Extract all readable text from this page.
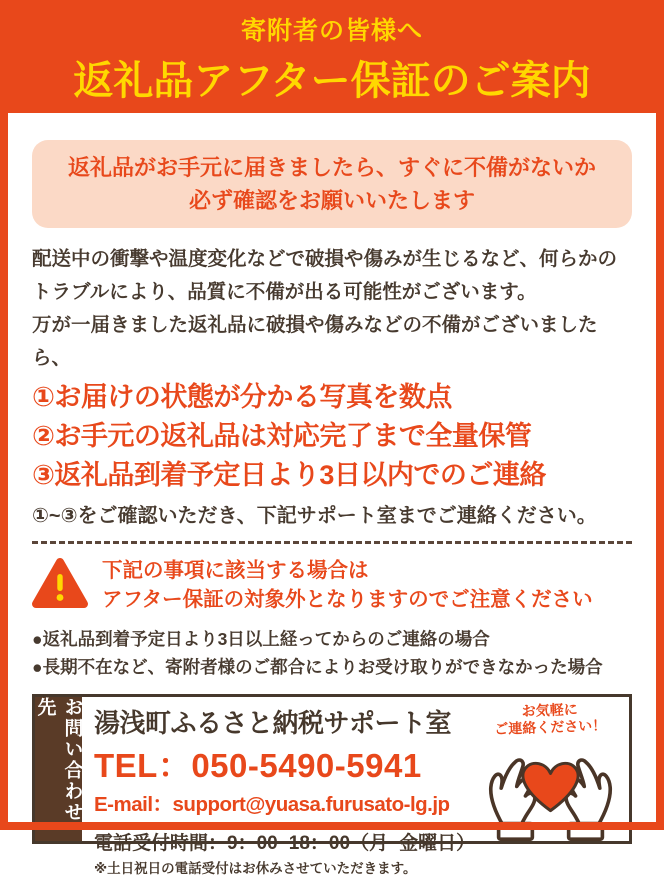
寄附者の皆様へ
返礼品アフター保証のご案内
返礼品がお手元に届きましたら、すぐに不備がないか
必ず確認をお願いいたします
配送中の衝撃や温度変化などで破損や傷みが生じるなど、何らかの
トラブルにより、品質に不備が出る可能性がございます。
万が一届きました返礼品に破損や傷みなどの不備がございましたら、
①お届けの状態が分かる写真を数点
②お手元の返礼品は対応完了まで全量保管
③返礼品到着予定日より3日以内でのご連絡
①~③をご確認いただき、下記サポート室までご連絡ください。
下記の事項に該当する場合は
アフター保証の対象外となりますのでご注意ください
●返礼品到着予定日より3日以上経ってからのご連絡の場合
●長期不在など、寄附者様のご都合によりお受け取りができなかった場合
お問い合わせ先
湯浅町ふるさと納税サポート室
TEL：050-5490-5941
E-mail：support@yuasa.furusato-lg.jp
電話受付時間：9：00~18：00（月~金曜日）
※土日祝日の電話受付はお休みさせていただきます。
お気軽に
ご連絡ください！
